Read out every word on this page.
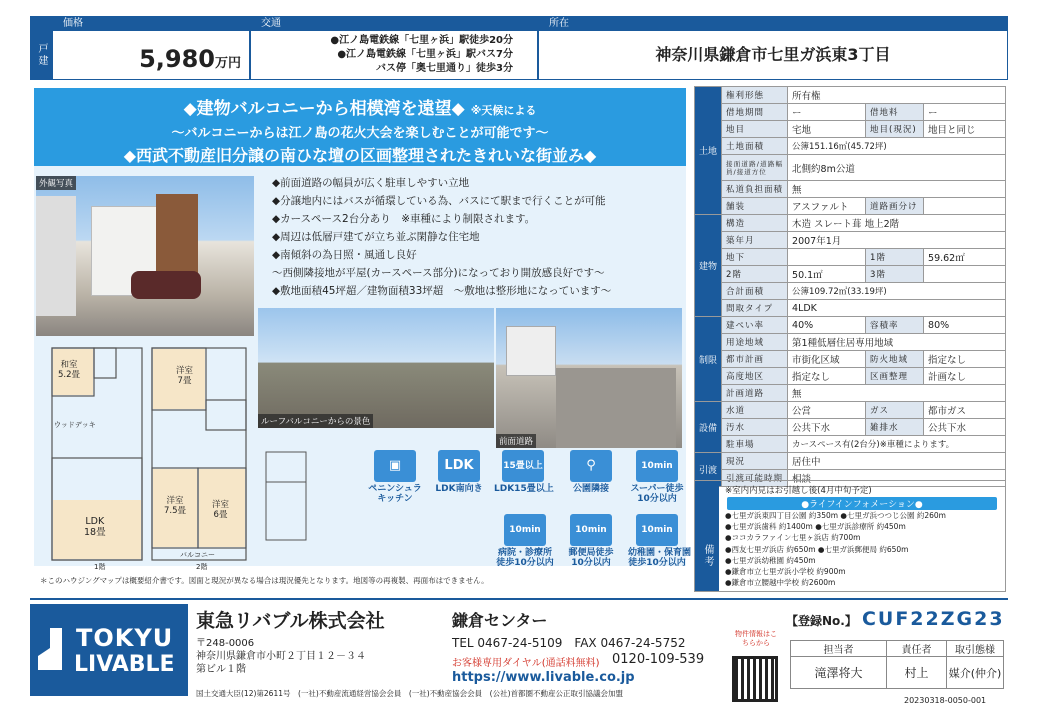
戸建
価格
5,980万円
交通
●江ノ島電鉄線「七里ヶ浜」駅徒歩20分
●江ノ島電鉄線「七里ヶ浜」駅バス7分
バス停「奥七里通り」徒歩3分
所在
神奈川県鎌倉市七里ガ浜東3丁目
◆建物バルコニーから相模湾を遠望◆ ※天候による
～バルコニーからは江ノ島の花火大会を楽しむことが可能です～
◆西武不動産旧分譲の南ひな壇の区画整理されたきれいな街並み◆
外観写真	◆前面道路の幅員が広く駐車しやすい立地
◆分譲地内にはバスが循環している為、バスにて駅まで行くことが可能
◆カースペース2台分あり　※車種により制限されます。
◆周辺は低層戸建てが立ち並ぶ閑静な住宅地
◆南傾斜の為日照・風通し良好
～西側隣接地が平屋(カースペース部分)になっており開放感良好です～
◆敷地面積45坪超／建物面積33坪超　～敷地は整形地になっています～
ルーフバルコニーからの景色
前面道路
和室
5.2畳	洋室
7畳
LDK
18畳
洋室
7.5畳
洋室
6畳
ウッドデッキ
1階	2階
バルコニー
▣
ペニンシュラ
キッチン
LDK
LDK南向き
15畳以上
LDK15畳以上
⚲
公園隣接
10min
スーパー徒歩
10分以内
10min
病院・診療所
徒歩10分以内
10min
郵便局徒歩
10分以内
10min
幼稚園・保育園
徒歩10分以内
＊このハウジングマップは概要紹介書です。図面と現況が異なる場合は現況優先となります。地図等の再複製、再面布はできません。
土地	権利形態	所有権		
	借地期間	ー	借地料	ー
	地目	宅地	地目(現況)	地目と同じ
	土地面積	公簿151.16㎡(45.72坪)		
	接面道路/道路幅員/接道方位	北側約8m公道		
	私道負担面積	無		
	舗装	アスファルト	道路画分け	
建物	構造	木造 スレート葺 地上2階		
	築年月	2007年1月		
	地下		1階	59.62㎡
	2階	50.1㎡	3階	
	合計面積	公簿109.72㎡(33.19坪)		
	間取タイプ	4LDK		
制限	建ぺい率	40%	容積率	80%
	用途地域	第1種低層住居専用地域		
	都市計画	市街化区域	防火地域	指定なし
	高度地区	指定なし	区画整理	計画なし
	計画道路	無		
設備	水道	公営	ガス	都市ガス
	汚水	公共下水	雑排水	公共下水
	駐車場	カースペース有(2台分)※車種によります。		
引渡	現況	居住中		
	引渡可能時期	相談		
備考
※室内内見はお引越し後(4月中旬予定)
●ライフインフォメーション●
●七里ガ浜東四丁目公園 約350m ●七里ガ浜つつじ公園 約260m
●七里ガ浜歯科 約1400m ●七里ガ浜診療所 約450m
●ココカラファイン七里ヶ浜店 約700m
●西友七里ガ浜店 約650m ●七里ガ浜郵便局 約650m
●七里ガ浜幼稚園 約450m
●鎌倉市立七里ガ浜小学校 約900m
●鎌倉市立腰越中学校 約2600m
TOKYU
LIVABLE
東急リバブル株式会社	鎌倉センター
〒248-0006
神奈川県鎌倉市小町２丁目１２－３４
第ビル１階
TEL 0467-24-5109　FAX 0467-24-5752
お客様専用ダイヤル(通話料無料) 0120-109-539
https://www.livable.co.jp
国土交通大臣(12)第2611号　(一社)不動産流通経営協会会員　(一社)不動産協会会員　(公社)首都圏不動産公正取引協議会加盟
【登録No.】 CUF22ZG23
物件情報はこちらから
担当者	責任者	取引態様
滝澤将大	村上	媒介(仲介)
20230318-0050-001
